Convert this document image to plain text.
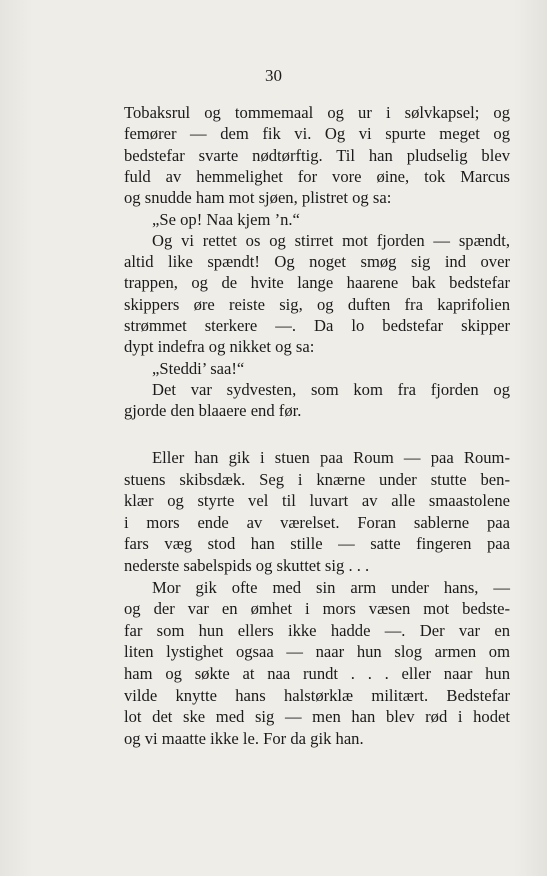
30
Tobaksrul og tommemaal og ur i sølvkapsel; og
femører — dem fik vi. Og vi spurte meget og
bedstefar svarte nødtørftig. Til han pludselig blev
fuld av hemmelighet for vore øine, tok Marcus
og snudde ham mot sjøen, plistret og sa:
„Se op! Naa kjem ’n.“
Og vi rettet os og stirret mot fjorden — spændt,
altid like spændt! Og noget smøg sig ind over
trappen, og de hvite lange haarene bak bedstefar
skippers øre reiste sig, og duften fra kaprifolien
strømmet sterkere —. Da lo bedstefar skipper
dypt indefra og nikket og sa:
„Steddi’ saa!“
Det var sydvesten, som kom fra fjorden og
gjorde den blaaere end før.
Eller han gik i stuen paa Roum — paa Roum-
stuens skibsdæk. Seg i knærne under stutte ben-
klær og styrte vel til luvart av alle smaastolene
i mors ende av værelset. Foran sablerne paa
fars væg stod han stille — satte fingeren paa
nederste sabelspids og skuttet sig . . .
Mor gik ofte med sin arm under hans, —
og der var en ømhet i mors væsen mot bedste-
far som hun ellers ikke hadde —. Der var en
liten lystighet ogsaa — naar hun slog armen om
ham og søkte at naa rundt . . . eller naar hun
vilde knytte hans halstørklæ militært. Bedstefar
lot det ske med sig — men han blev rød i hodet
og vi maatte ikke le. For da gik han.
